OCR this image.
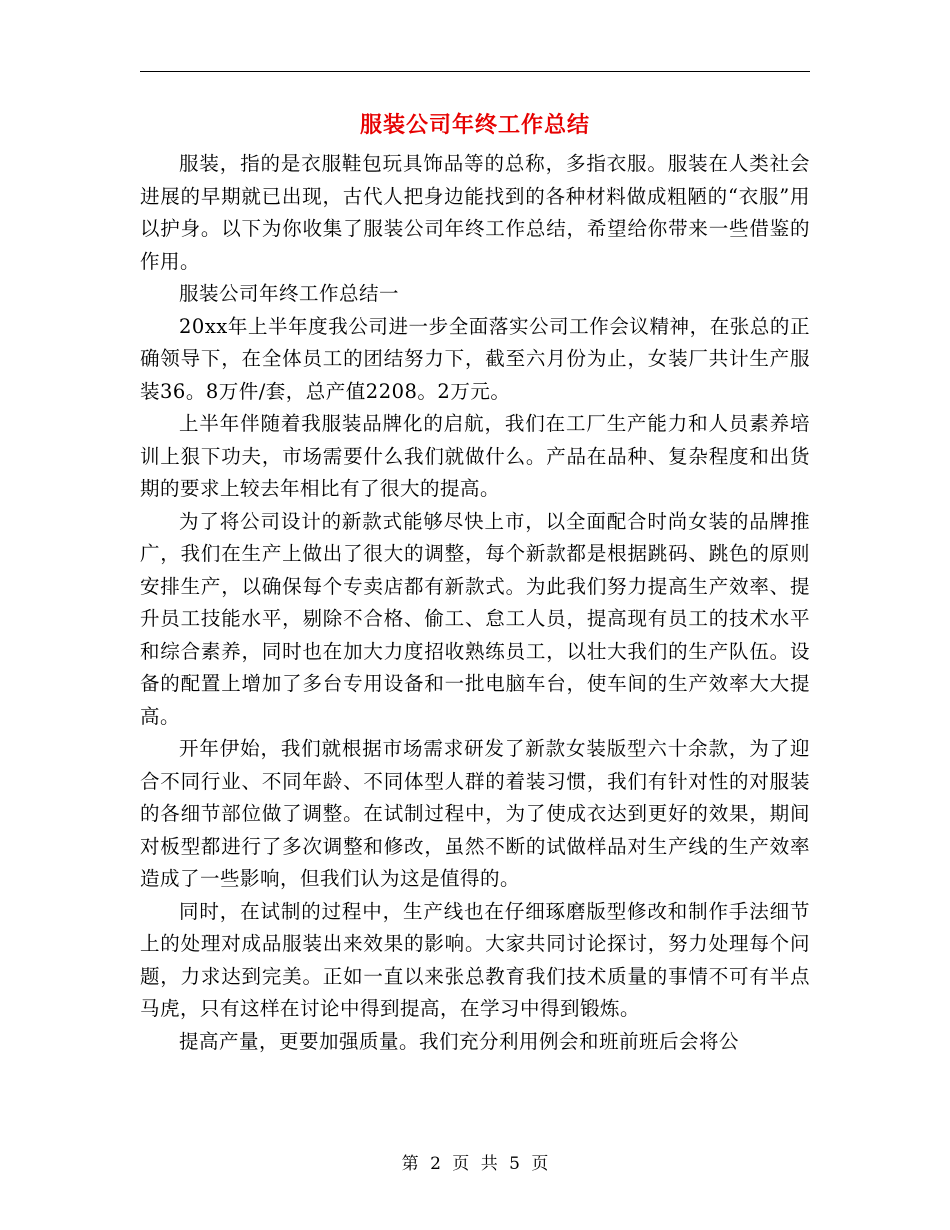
服装公司年终工作总结

服装，指的是衣服鞋包玩具饰品等的总称，多指衣服。服装在人类社会进展的早期就已出现，古代人把身边能找到的各种材料做成粗陋的“衣服”用以护身。以下为你收集了服装公司年终工作总结，希望给你带来一些借鉴的作用。

服装公司年终工作总结一

20xx年上半年度我公司进一步全面落实公司工作会议精神，在张总的正确领导下，在全体员工的团结努力下，截至六月份为止，女装厂共计生产服装36。8万件/套，总产值2208。2万元。

上半年伴随着我服装品牌化的启航，我们在工厂生产能力和人员素养培训上狠下功夫，市场需要什么我们就做什么。产品在品种、复杂程度和出货期的要求上较去年相比有了很大的提高。

为了将公司设计的新款式能够尽快上市，以全面配合时尚女装的品牌推广，我们在生产上做出了很大的调整，每个新款都是根据跳码、跳色的原则安排生产，以确保每个专卖店都有新款式。为此我们努力提高生产效率、提升员工技能水平，剔除不合格、偷工、怠工人员，提高现有员工的技术水平和综合素养，同时也在加大力度招收熟练员工，以壮大我们的生产队伍。设备的配置上增加了多台专用设备和一批电脑车台，使车间的生产效率大大提高。

开年伊始，我们就根据市场需求研发了新款女装版型六十余款，为了迎合不同行业、不同年龄、不同体型人群的着装习惯，我们有针对性的对服装的各细节部位做了调整。在试制过程中，为了使成衣达到更好的效果，期间对板型都进行了多次调整和修改，虽然不断的试做样品对生产线的生产效率造成了一些影响，但我们认为这是值得的。

同时，在试制的过程中，生产线也在仔细琢磨版型修改和制作手法细节上的处理对成品服装出来效果的影响。大家共同讨论探讨，努力处理每个问题，力求达到完美。正如一直以来张总教育我们技术质量的事情不可有半点马虎，只有这样在讨论中得到提高，在学习中得到锻炼。

提高产量，更要加强质量。我们充分利用例会和班前班后会将公

第 2 页 共 5 页
